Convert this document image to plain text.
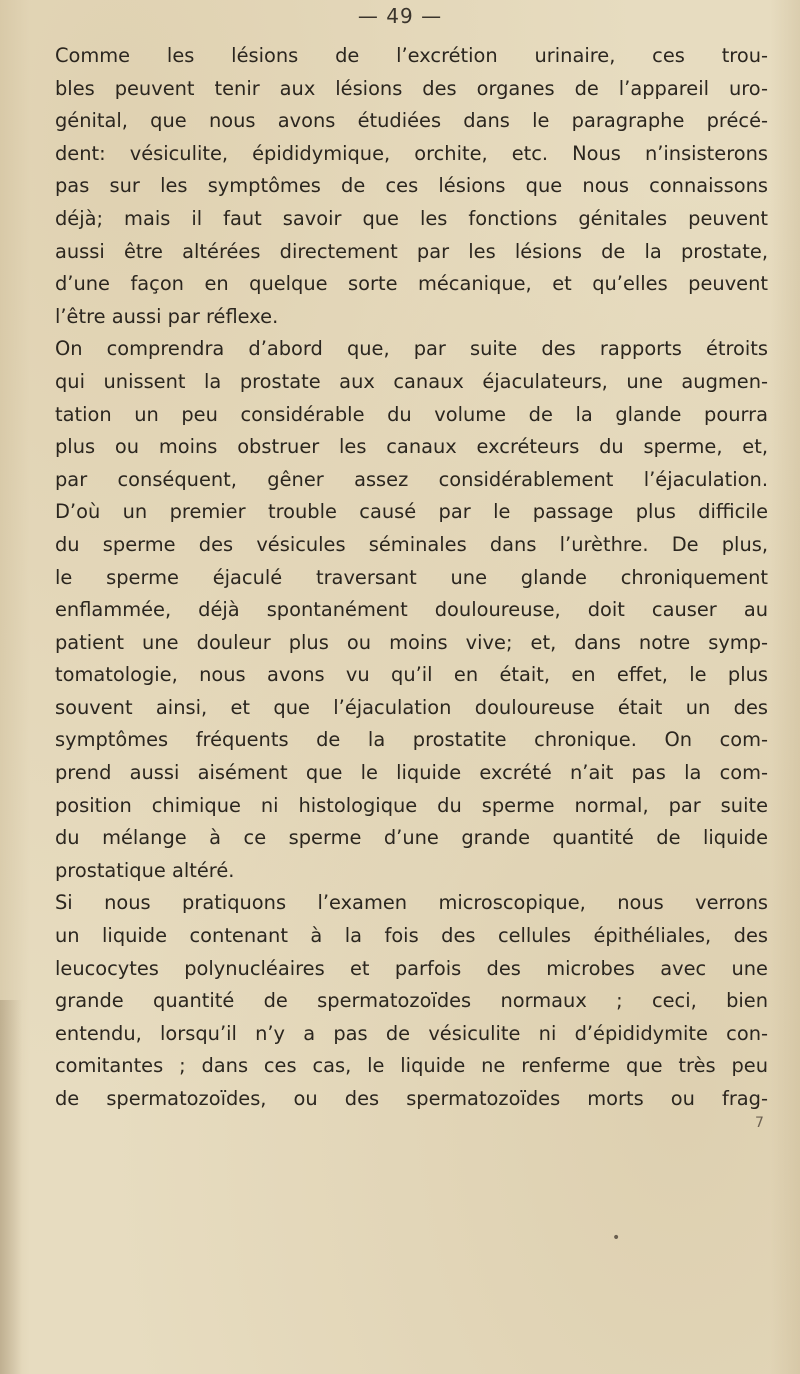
— 49 —
Comme les lésions de l’excrétion urinaire, ces trou-
bles peuvent tenir aux lésions des organes de l’appareil uro-
génital, que nous avons étudiées dans le paragraphe précé-
dent: vésiculite, épididymique, orchite, etc. Nous n’insisterons
pas sur les symptômes de ces lésions que nous connaissons
déjà; mais il faut savoir que les fonctions génitales peuvent
aussi être altérées directement par les lésions de la prostate,
d’une façon en quelque sorte mécanique, et qu’elles peuvent
l’être aussi par réflexe.
On comprendra d’abord que, par suite des rapports étroits
qui unissent la prostate aux canaux éjaculateurs, une augmen-
tation un peu considérable du volume de la glande pourra
plus ou moins obstruer les canaux excréteurs du sperme, et,
par conséquent, gêner assez considérablement l’éjaculation.
D’où un premier trouble causé par le passage plus difficile
du sperme des vésicules séminales dans l’urèthre. De plus,
le sperme éjaculé traversant une glande chroniquement
enflammée, déjà spontanément douloureuse, doit causer au
patient une douleur plus ou moins vive; et, dans notre symp-
tomatologie, nous avons vu qu’il en était, en effet, le plus
souvent ainsi, et que l’éjaculation douloureuse était un des
symptômes fréquents de la prostatite chronique. On com-
prend aussi aisément que le liquide excrété n’ait pas la com-
position chimique ni histologique du sperme normal, par suite
du mélange à ce sperme d’une grande quantité de liquide
prostatique altéré.
Si nous pratiquons l’examen microscopique, nous verrons
un liquide contenant à la fois des cellules épithéliales, des
leucocytes polynucléaires et parfois des microbes avec une
grande quantité de spermatozoïdes normaux ; ceci, bien
entendu, lorsqu’il n’y a pas de vésiculite ni d’épididymite con-
comitantes ; dans ces cas, le liquide ne renferme que très peu
de spermatozoïdes, ou des spermatozoïdes morts ou frag-
7
•
